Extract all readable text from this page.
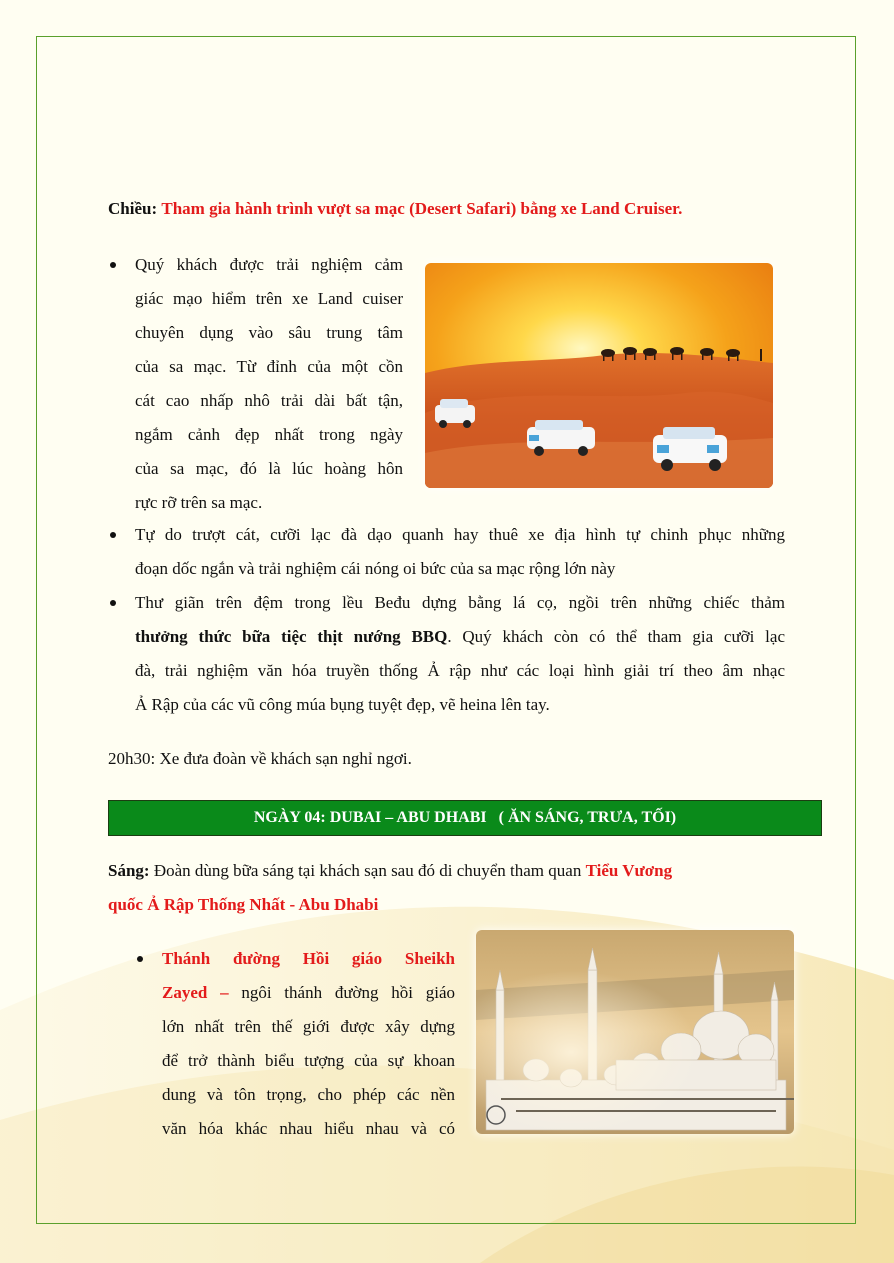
Chiều: Tham gia hành trình vượt sa mạc (Desert Safari) bằng xe Land Cruiser.

Quý khách được trải nghiệm cảm
giác mạo hiểm trên xe Land cuiser
chuyên dụng vào sâu trung tâm
của sa mạc. Từ đỉnh của một cồn
cát cao nhấp nhô trải dài bất tận,
ngắm cảnh đẹp nhất trong ngày
của sa mạc, đó là lúc hoàng hôn
rực rỡ trên sa mạc.
Tự do trượt cát, cưỡi lạc đà dạo quanh hay thuê xe địa hình tự chinh phục những
đoạn dốc ngắn và trải nghiệm cái nóng oi bức của sa mạc rộng lớn này
Thư giãn trên đệm trong lều Beđu dựng bằng lá cọ, ngồi trên những chiếc thảm
thưởng thức bữa tiệc thịt nướng BBQ. Quý khách còn có thể tham gia cưỡi lạc
đà, trải nghiệm văn hóa truyền thống Ả rập như các loại hình giải trí theo âm nhạc
Ả Rập của các vũ công múa bụng tuyệt đẹp, vẽ heina lên tay.

20h30: Xe đưa đoàn về khách sạn nghỉ ngơi.

NGÀY 04: DUBAI – ABU DHABI   ( ĂN SÁNG, TRƯA, TỐI)
Sáng: Đoàn dùng bữa sáng tại khách sạn sau đó di chuyển tham quan Tiểu Vương
quốc Ả Rập Thống Nhất - Abu Dhabi
Thánh đường Hồi giáo Sheikh
Zayed – ngôi thánh đường hồi giáo
lớn nhất trên thế giới được xây dựng
để trở thành biểu tượng của sự khoan
dung và tôn trọng, cho phép các nền
văn hóa khác nhau hiểu nhau và có
